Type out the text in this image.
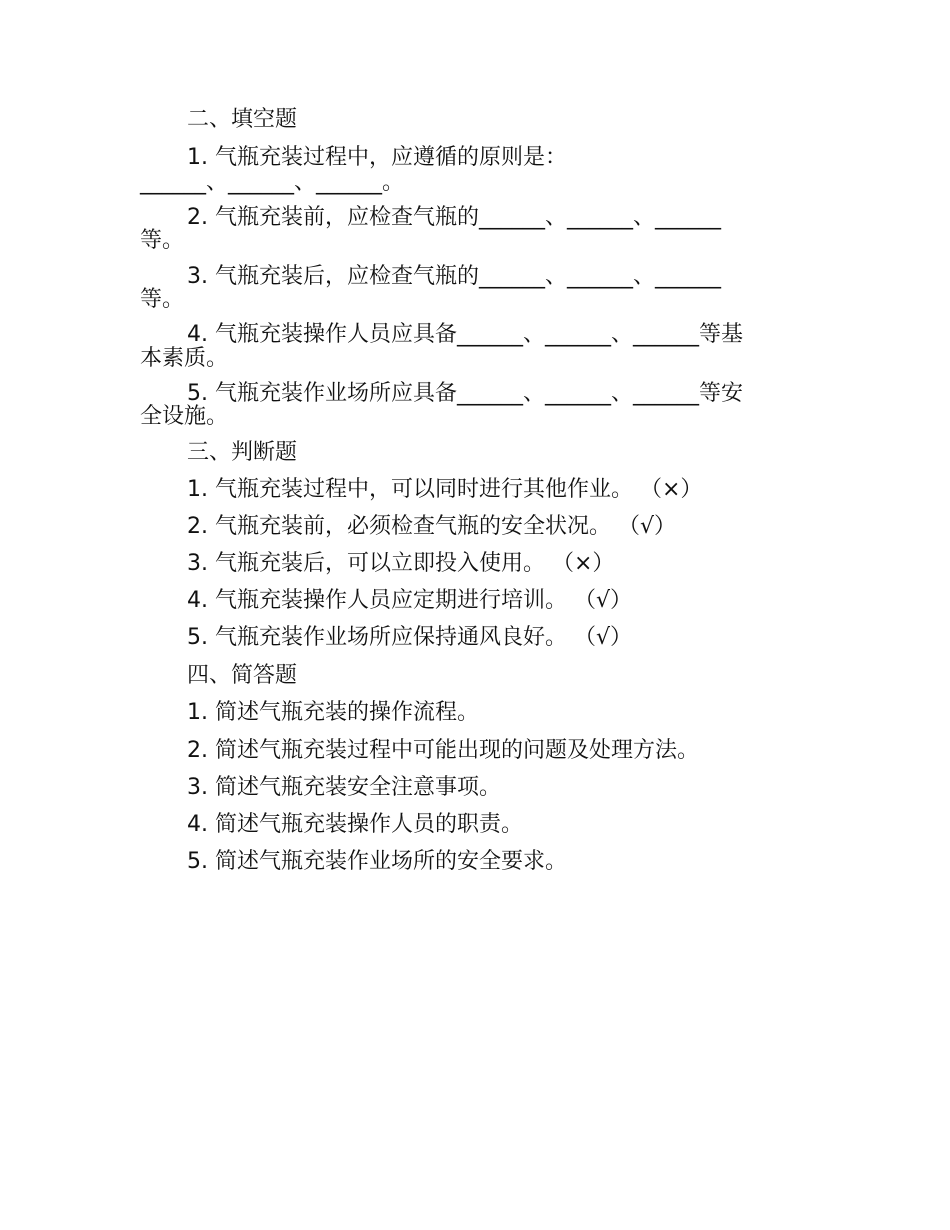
二、填空题
1. 气瓶充装过程中，应遵循的原则是：
______、______、______。
2. 气瓶充装前，应检查气瓶的______、______、______
等。
3. 气瓶充装后，应检查气瓶的______、______、______
等。
4. 气瓶充装操作人员应具备______、______、______等基
本素质。
5. 气瓶充装作业场所应具备______、______、______等安
全设施。
三、判断题
1. 气瓶充装过程中，可以同时进行其他作业。 （×）
2. 气瓶充装前，必须检查气瓶的安全状况。 （√）
3. 气瓶充装后，可以立即投入使用。 （×）
4. 气瓶充装操作人员应定期进行培训。 （√）
5. 气瓶充装作业场所应保持通风良好。 （√）
四、简答题
1. 简述气瓶充装的操作流程。
2. 简述气瓶充装过程中可能出现的问题及处理方法。
3. 简述气瓶充装安全注意事项。
4. 简述气瓶充装操作人员的职责。
5. 简述气瓶充装作业场所的安全要求。
